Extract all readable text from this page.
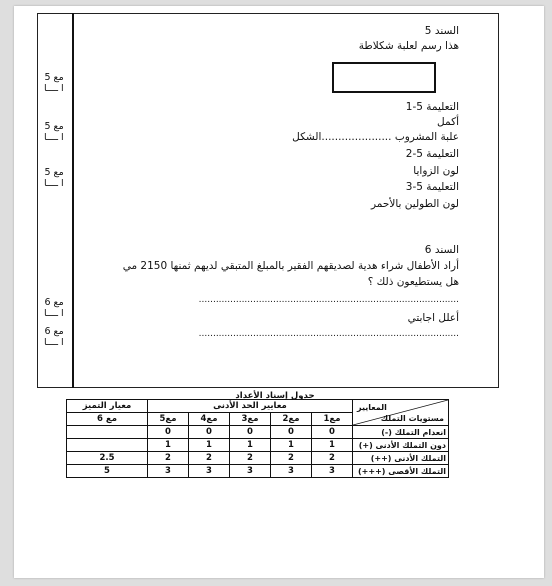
السند 5
هذا رسم لعلبة شكلاطة
التعليمة 5-1
أكمل
علبة المشروب .....................الشكل
التعليمة 5-2
لون الزوايا
التعليمة 5-3
لون الطولين بالأحمر
السند 6
أراد الأطفال شراء هدية لصديقهم الفقير بالمبلغ المتبقي لديهم ثمنها 2150 مي
هل يستطيعون ذلك ؟
...........................................................................................
أعلل اجابتي
...........................................................................................
مع 5
ا ــــا
مع 5
ا ــــا
مع 5
ا ــــا
مع 6
ا ــــا
مع 6
ا ــــا
جدول إسناد الأعداد
المعايير
مستويات التملك	معايير الحد الأدنى					معيار التميز
	مع1	مع2	مع3	مع4	مع5	مع 6
انعدام التملك (-)	0	0	0	0	0	
دون التملك الأدنى (+)	1	1	1	1	1	
التملك الأدنى (++)	2	2	2	2	2	2.5
التملك الأقصى (+++)	3	3	3	3	3	5
